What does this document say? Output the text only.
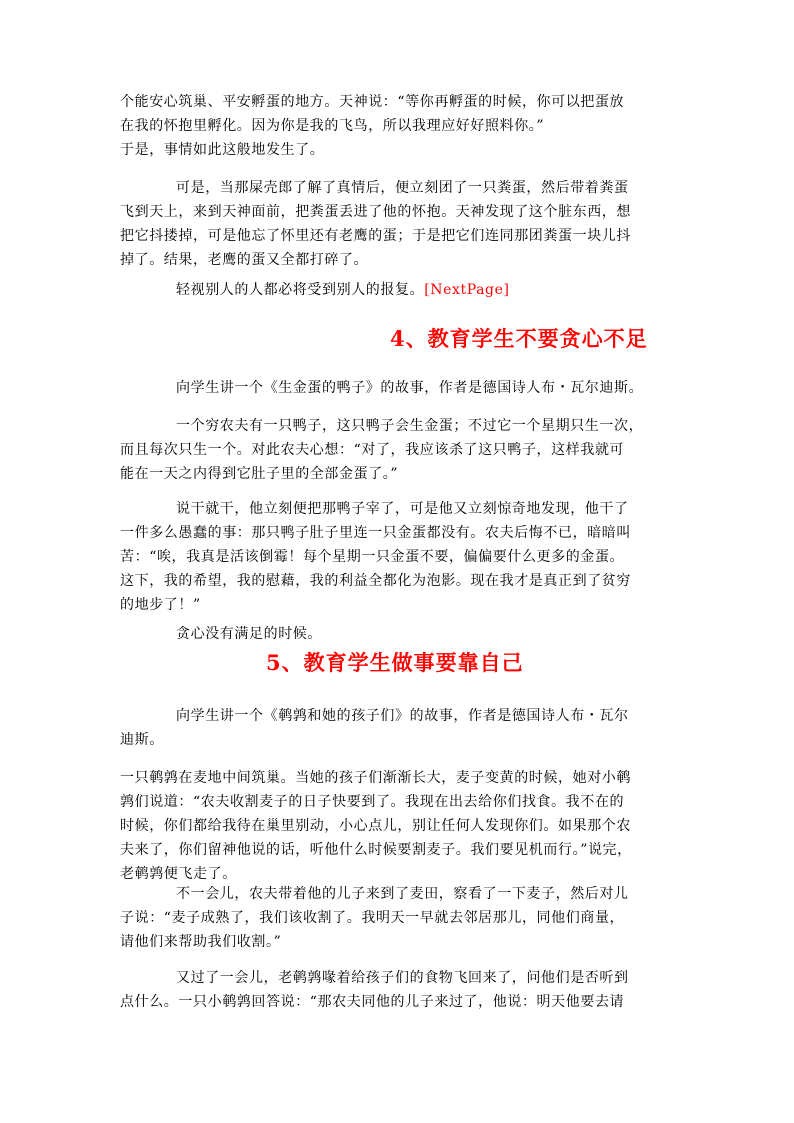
个能安心筑巢、平安孵蛋的地方。天神说：“等你再孵蛋的时候，你可以把蛋放
在我的怀抱里孵化。因为你是我的飞鸟，所以我理应好好照料你。”
于是，事情如此这般地发生了。
可是，当那屎壳郎了解了真情后，便立刻团了一只粪蛋，然后带着粪蛋
飞到天上，来到天神面前，把粪蛋丢进了他的怀抱。天神发现了这个脏东西，想
把它抖搂掉，可是他忘了怀里还有老鹰的蛋；于是把它们连同那团粪蛋一块儿抖
掉了。结果，老鹰的蛋又全都打碎了。
轻视别人的人都必将受到别人的报复。[NextPage]
4、教育学生不要贪心不足
向学生讲一个《生金蛋的鸭子》的故事，作者是德国诗人布・瓦尔迪斯。
一个穷农夫有一只鸭子，这只鸭子会生金蛋；不过它一个星期只生一次，
而且每次只生一个。对此农夫心想：“对了，我应该杀了这只鸭子，这样我就可
能在一天之内得到它肚子里的全部金蛋了。”
说干就干，他立刻便把那鸭子宰了，可是他又立刻惊奇地发现，他干了
一件多么愚蠢的事：那只鸭子肚子里连一只金蛋都没有。农夫后悔不已，暗暗叫
苦：“唉，我真是活该倒霉！每个星期一只金蛋不要，偏偏要什么更多的金蛋。
这下，我的希望，我的慰藉，我的利益全都化为泡影。现在我才是真正到了贫穷
的地步了！”
贪心没有满足的时候。
5、教育学生做事要靠自己
向学生讲一个《鹌鹑和她的孩子们》的故事，作者是德国诗人布・瓦尔
迪斯。
一只鹌鹑在麦地中间筑巢。当她的孩子们渐渐长大，麦子变黄的时候，她对小鹌
鹑们说道：“农夫收割麦子的日子快要到了。我现在出去给你们找食。我不在的
时候，你们都给我待在巢里别动，小心点儿，别让任何人发现你们。如果那个农
夫来了，你们留神他说的话，听他什么时候要割麦子。我们要见机而行。”说完，
老鹌鹑便飞走了。
不一会儿，农夫带着他的儿子来到了麦田，察看了一下麦子，然后对儿
子说：“麦子成熟了，我们该收割了。我明天一早就去邻居那儿，同他们商量，
请他们来帮助我们收割。”
又过了一会儿，老鹌鹑喙着给孩子们的食物飞回来了，问他们是否听到
点什么。一只小鹌鹑回答说：“那农夫同他的儿子来过了，他说：明天他要去请
